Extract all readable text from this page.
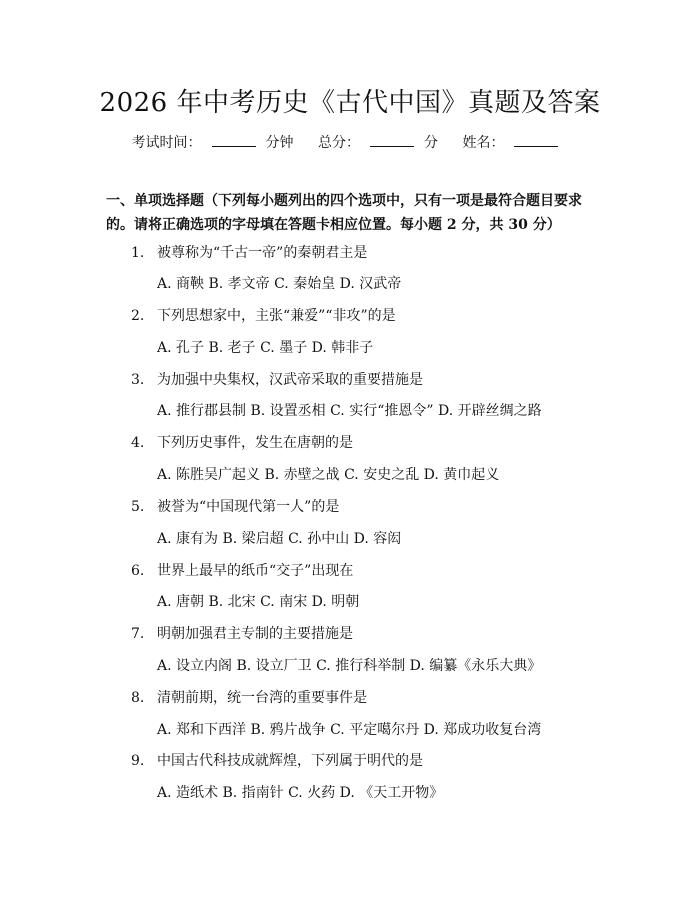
2026 年中考历史《古代中国》真题及答案
考试时间：	分钟 总分：	分 姓名：
一、单项选择题（下列每小题列出的四个选项中，只有一项是最符合题目要求的。请将正确选项的字母填在答题卡相应位置。每小题 2 分，共 30 分）
1. 被尊称为“千古一帝”的秦朝君主是
A. 商鞅 B. 孝文帝 C. 秦始皇 D. 汉武帝
2. 下列思想家中，主张“兼爱”“非攻”的是
A. 孔子 B. 老子 C. 墨子 D. 韩非子
3. 为加强中央集权，汉武帝采取的重要措施是
A. 推行郡县制 B. 设置丞相 C. 实行“推恩令” D. 开辟丝绸之路
4. 下列历史事件，发生在唐朝的是
A. 陈胜吴广起义 B. 赤壁之战 C. 安史之乱 D. 黄巾起义
5. 被誉为“中国现代第一人”的是
A. 康有为 B. 梁启超 C. 孙中山 D. 容闳
6. 世界上最早的纸币“交子”出现在
A. 唐朝 B. 北宋 C. 南宋 D. 明朝
7. 明朝加强君主专制的主要措施是
A. 设立内阁 B. 设立厂卫 C. 推行科举制 D. 编纂《永乐大典》
8. 清朝前期，统一台湾的重要事件是
A. 郑和下西洋 B. 鸦片战争 C. 平定噶尔丹 D. 郑成功收复台湾
9. 中国古代科技成就辉煌，下列属于明代的是
A. 造纸术 B. 指南针 C. 火药 D. 《天工开物》
